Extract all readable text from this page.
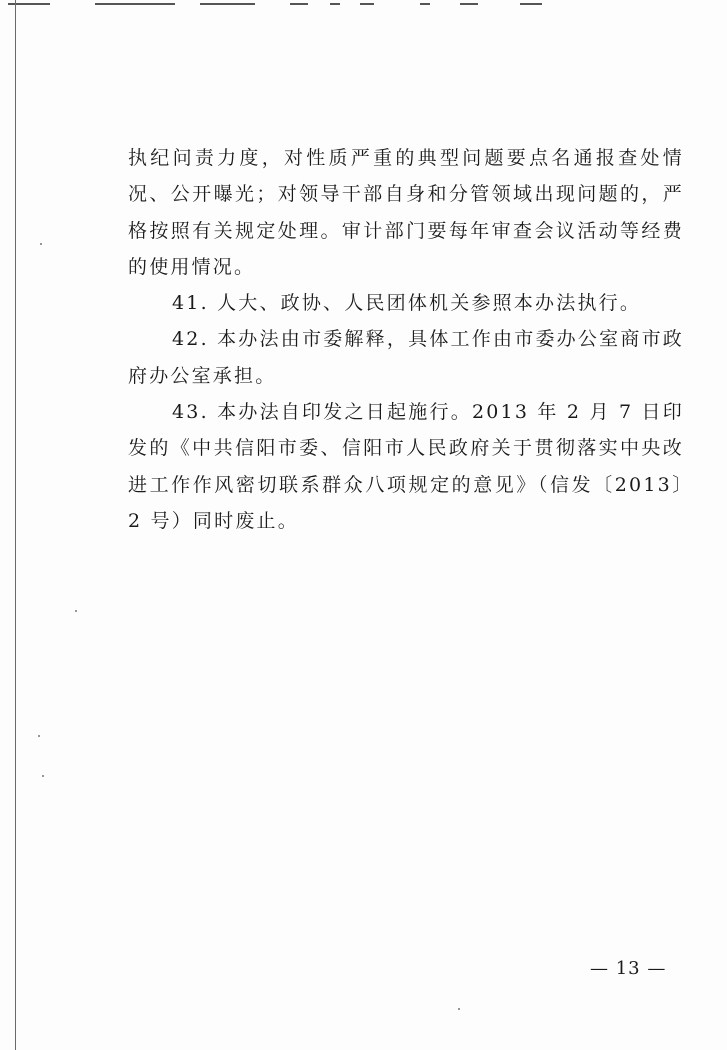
执纪问责力度，对性质严重的典型问题要点名通报查处情况、公开曝光；对领导干部自身和分管领域出现问题的，严格按照有关规定处理。审计部门要每年审查会议活动等经费的使用情况。

41. 人大、政协、人民团体机关参照本办法执行。

42. 本办法由市委解释，具体工作由市委办公室商市政府办公室承担。

43. 本办法自印发之日起施行。2013 年 2 月 7 日印发的《中共信阳市委、信阳市人民政府关于贯彻落实中央改进工作作风密切联系群众八项规定的意见》（信发〔2013〕2 号）同时废止。

— 13 —
